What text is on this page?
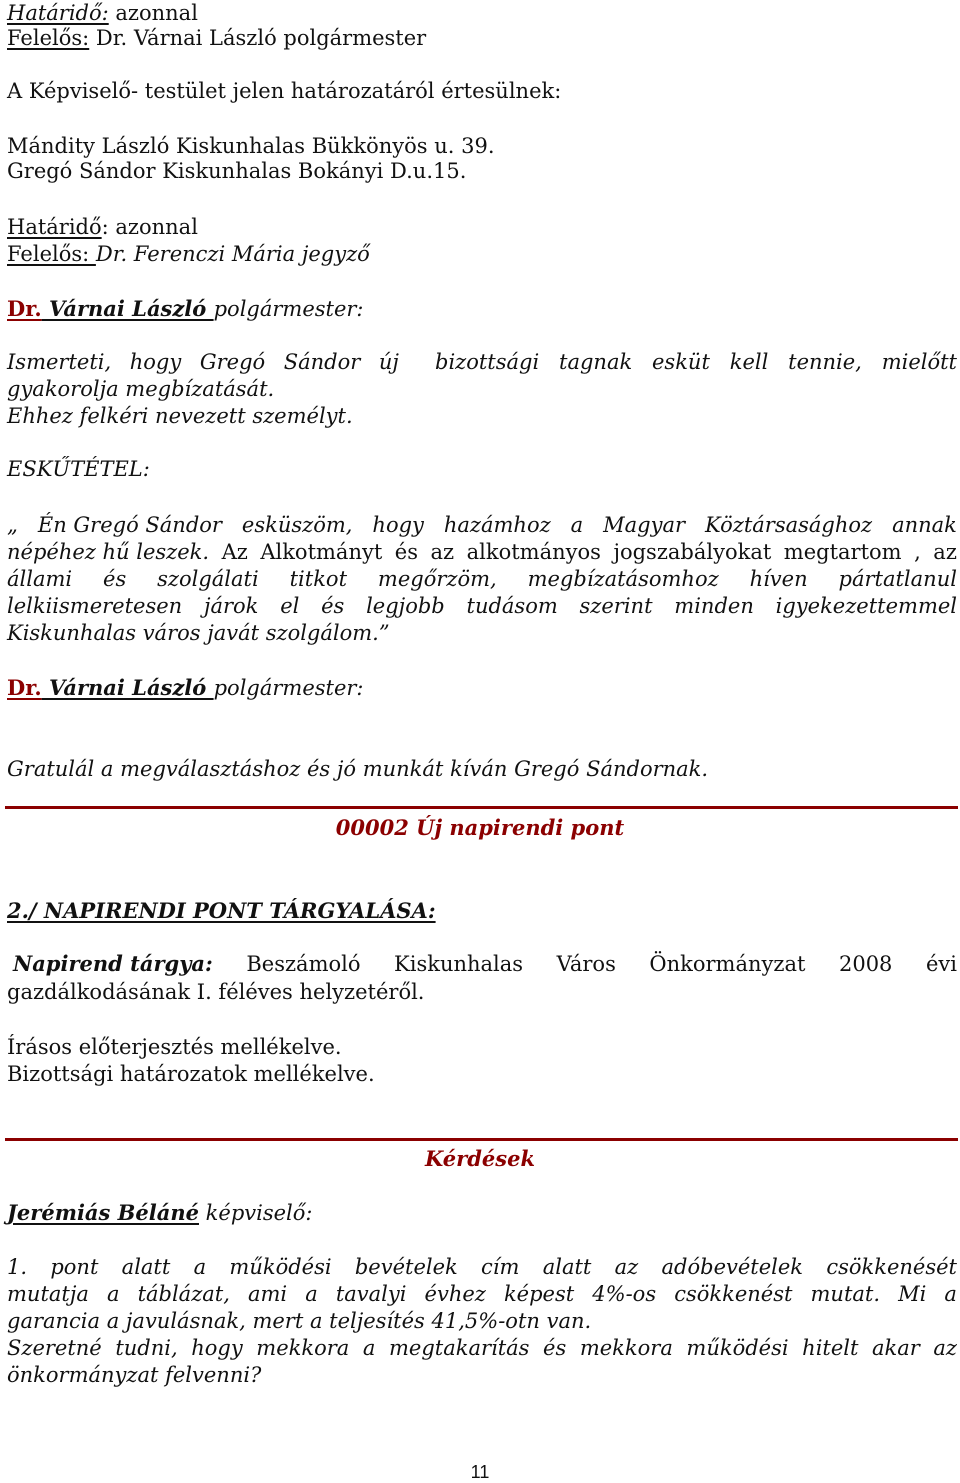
Határidő: azonnal
Felelős: Dr. Várnai László polgármester
A Képviselő- testület jelen határozatáról értesülnek:
Mándity László Kiskunhalas Bükkönyös u. 39.
Gregó Sándor Kiskunhalas Bokányi D.u.15.
Határidő: azonnal
Felelős: Dr. Ferenczi Mária jegyző
Dr. Várnai László polgármester:
Ismerteti, hogy Gregó Sándor új bizottsági tagnak esküt kell tennie, mielőtt
gyakorolja megbízatását.
Ehhez felkéri nevezett személyt.
ESKŰTÉTEL:
„ Én Gregó Sándor esküszöm, hogy hazámhoz a Magyar Köztársasághoz annak
népéhez hű leszek. Az Alkotmányt és az alkotmányos jogszabályokat megtartom , az
állami és szolgálati titkot megőrzöm, megbízatásomhoz híven pártatlanul
lelkiismeretesen járok el és legjobb tudásom szerint minden igyekezettemmel
Kiskunhalas város javát szolgálom.”
Dr. Várnai László polgármester:
Gratulál a megválasztáshoz és jó munkát kíván Gregó Sándornak.
00002 Új napirendi pont
2./ NAPIRENDI PONT TÁRGYALÁSA:
Napirend tárgya: Beszámoló Kiskunhalas Város Önkormányzat 2008 évi
gazdálkodásának I. féléves helyzetéről.
Írásos előterjesztés mellékelve.
Bizottsági határozatok mellékelve.
Kérdések
Jerémiás Béláné képviselő:
1. pont alatt a működési bevételek cím alatt az adóbevételek csökkenését
mutatja a táblázat, ami a tavalyi évhez képest 4%-os csökkenést mutat. Mi a
garancia a javulásnak, mert a teljesítés 41,5%-otn van.
Szeretné tudni, hogy mekkora a megtakarítás és mekkora működési hitelt akar az
önkormányzat felvenni?
11
